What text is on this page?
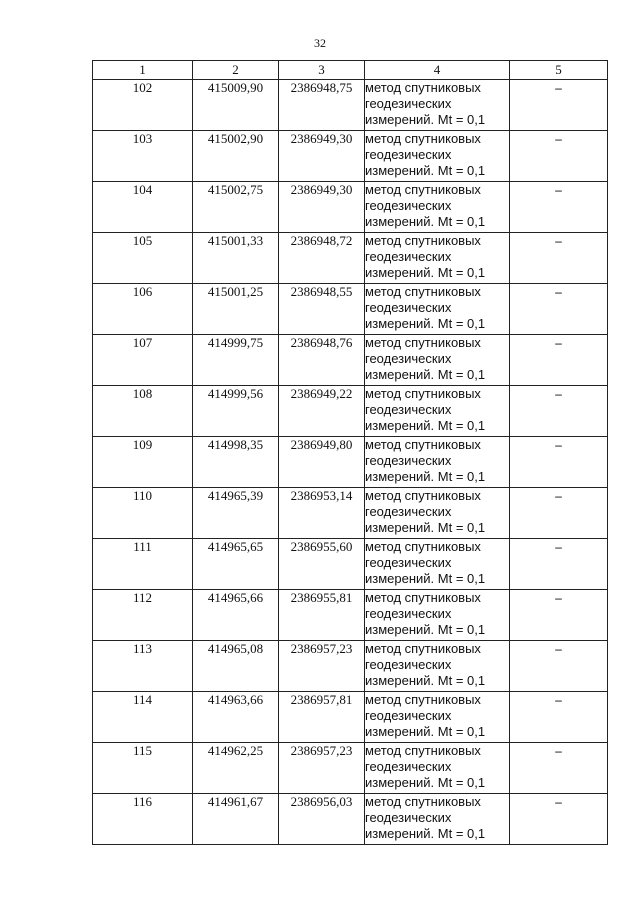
32
1	2	3	4	5
102	415009,90	2386948,75	метод спутниковых
геодезических
измерений. Mt = 0,1	–
103	415002,90	2386949,30	метод спутниковых
геодезических
измерений. Mt = 0,1	–
104	415002,75	2386949,30	метод спутниковых
геодезических
измерений. Mt = 0,1	–
105	415001,33	2386948,72	метод спутниковых
геодезических
измерений. Mt = 0,1	–
106	415001,25	2386948,55	метод спутниковых
геодезических
измерений. Mt = 0,1	–
107	414999,75	2386948,76	метод спутниковых
геодезических
измерений. Mt = 0,1	–
108	414999,56	2386949,22	метод спутниковых
геодезических
измерений. Mt = 0,1	–
109	414998,35	2386949,80	метод спутниковых
геодезических
измерений. Mt = 0,1	–
110	414965,39	2386953,14	метод спутниковых
геодезических
измерений. Mt = 0,1	–
111	414965,65	2386955,60	метод спутниковых
геодезических
измерений. Mt = 0,1	–
112	414965,66	2386955,81	метод спутниковых
геодезических
измерений. Mt = 0,1	–
113	414965,08	2386957,23	метод спутниковых
геодезических
измерений. Mt = 0,1	–
114	414963,66	2386957,81	метод спутниковых
геодезических
измерений. Mt = 0,1	–
115	414962,25	2386957,23	метод спутниковых
геодезических
измерений. Mt = 0,1	–
116	414961,67	2386956,03	метод спутниковых
геодезических
измерений. Mt = 0,1	–
